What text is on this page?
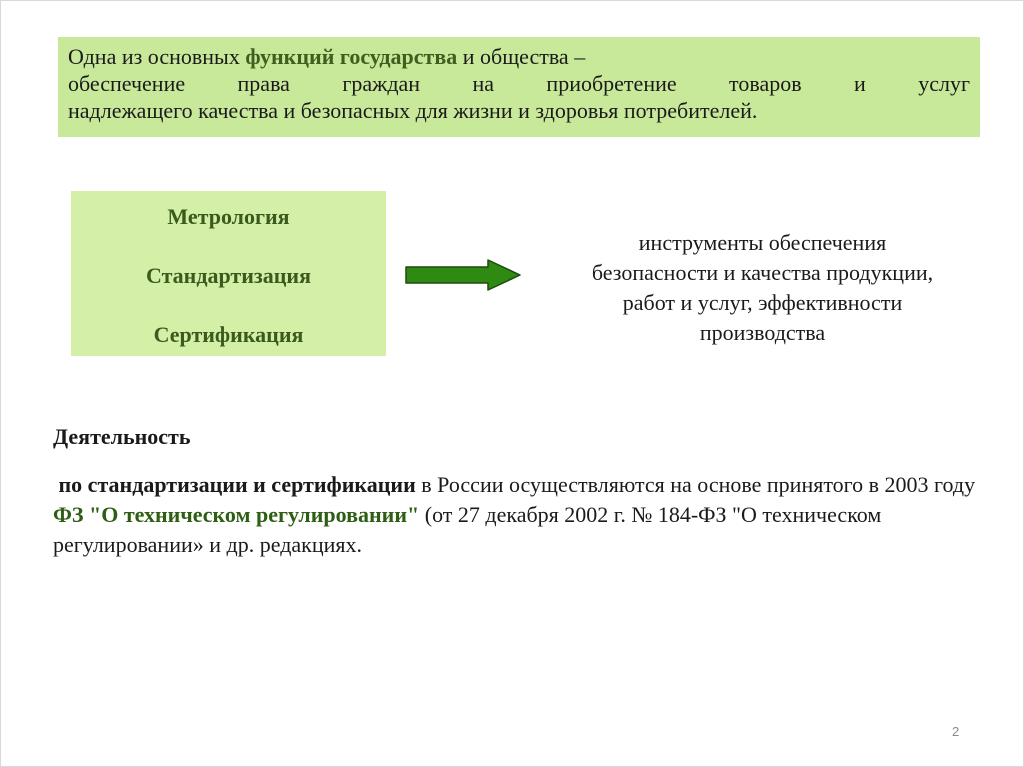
Одна из основных функций государства и общества –
обеспечение права граждан на приобретение товаров и услуг
надлежащего качества и безопасных для жизни и здоровья потребителей.
Метрология
Стандартизация
Сертификация
инструменты обеспечения
безопасности и качества продукции,
работ и услуг, эффективности
производства
Деятельность
по стандартизации и сертификации в России осуществляются на основе принятого в 2003 году ФЗ "О техническом регулировании" (от 27 декабря 2002 г. № 184-ФЗ "О техническом регулировании» и др. редакциях.
2
